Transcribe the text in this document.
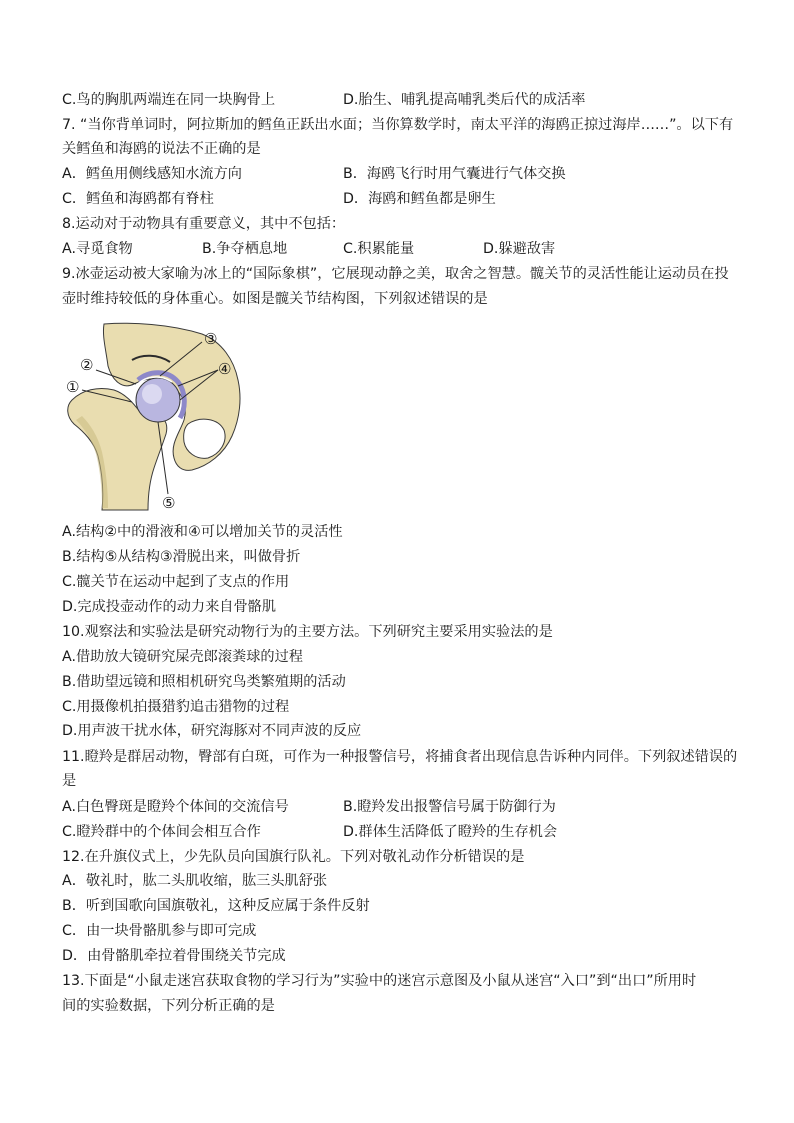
C.鸟的胸肌两端连在同一块胸骨上	D.胎生、哺乳提高哺乳类后代的成活率
7. “当你背单词时，阿拉斯加的鳕鱼正跃出水面；当你算数学时，南太平洋的海鸥正掠过海岸……”。以下有
关鳕鱼和海鸥的说法不正确的是
A．鳕鱼用侧线感知水流方向	B．海鸥飞行时用气囊进行气体交换
C．鳕鱼和海鸥都有脊柱	D．海鸥和鳕鱼都是卵生
8.运动对于动物具有重要意义，其中不包括：
A.寻觅食物	B.争夺栖息地	C.积累能量	D.躲避敌害
9.冰壶运动被大家喻为冰上的“国际象棋”，它展现动静之美，取舍之智慧。髋关节的灵活性能让运动员在投
壶时维持较低的身体重心。如图是髋关节结构图，下列叙述错误的是
①
②
③
④
⑤
A.结构②中的滑液和④可以增加关节的灵活性
B.结构⑤从结构③滑脱出来，叫做骨折
C.髋关节在运动中起到了支点的作用
D.完成投壶动作的动力来自骨骼肌
10.观察法和实验法是研究动物行为的主要方法。下列研究主要采用实验法的是
A.借助放大镜研究屎壳郎滚粪球的过程
B.借助望远镜和照相机研究鸟类繁殖期的活动
C.用摄像机拍摄猎豹追击猎物的过程
D.用声波干扰水体，研究海豚对不同声波的反应
11.瞪羚是群居动物，臀部有白斑，可作为一种报警信号，将捕食者出现信息告诉种内同伴。下列叙述错误的
是
A.白色臀斑是瞪羚个体间的交流信号	B.瞪羚发出报警信号属于防御行为
C.瞪羚群中的个体间会相互合作	D.群体生活降低了瞪羚的生存机会
12.在升旗仪式上，少先队员向国旗行队礼。下列对敬礼动作分析错误的是
A．敬礼时，肱二头肌收缩，肱三头肌舒张
B．听到国歌向国旗敬礼，这种反应属于条件反射
C．由一块骨骼肌参与即可完成
D．由骨骼肌牵拉着骨围绕关节完成
13.下面是“小鼠走迷宫获取食物的学习行为”实验中的迷宫示意图及小鼠从迷宫“入口”到“出口”所用时
间的实验数据，下列分析正确的是
